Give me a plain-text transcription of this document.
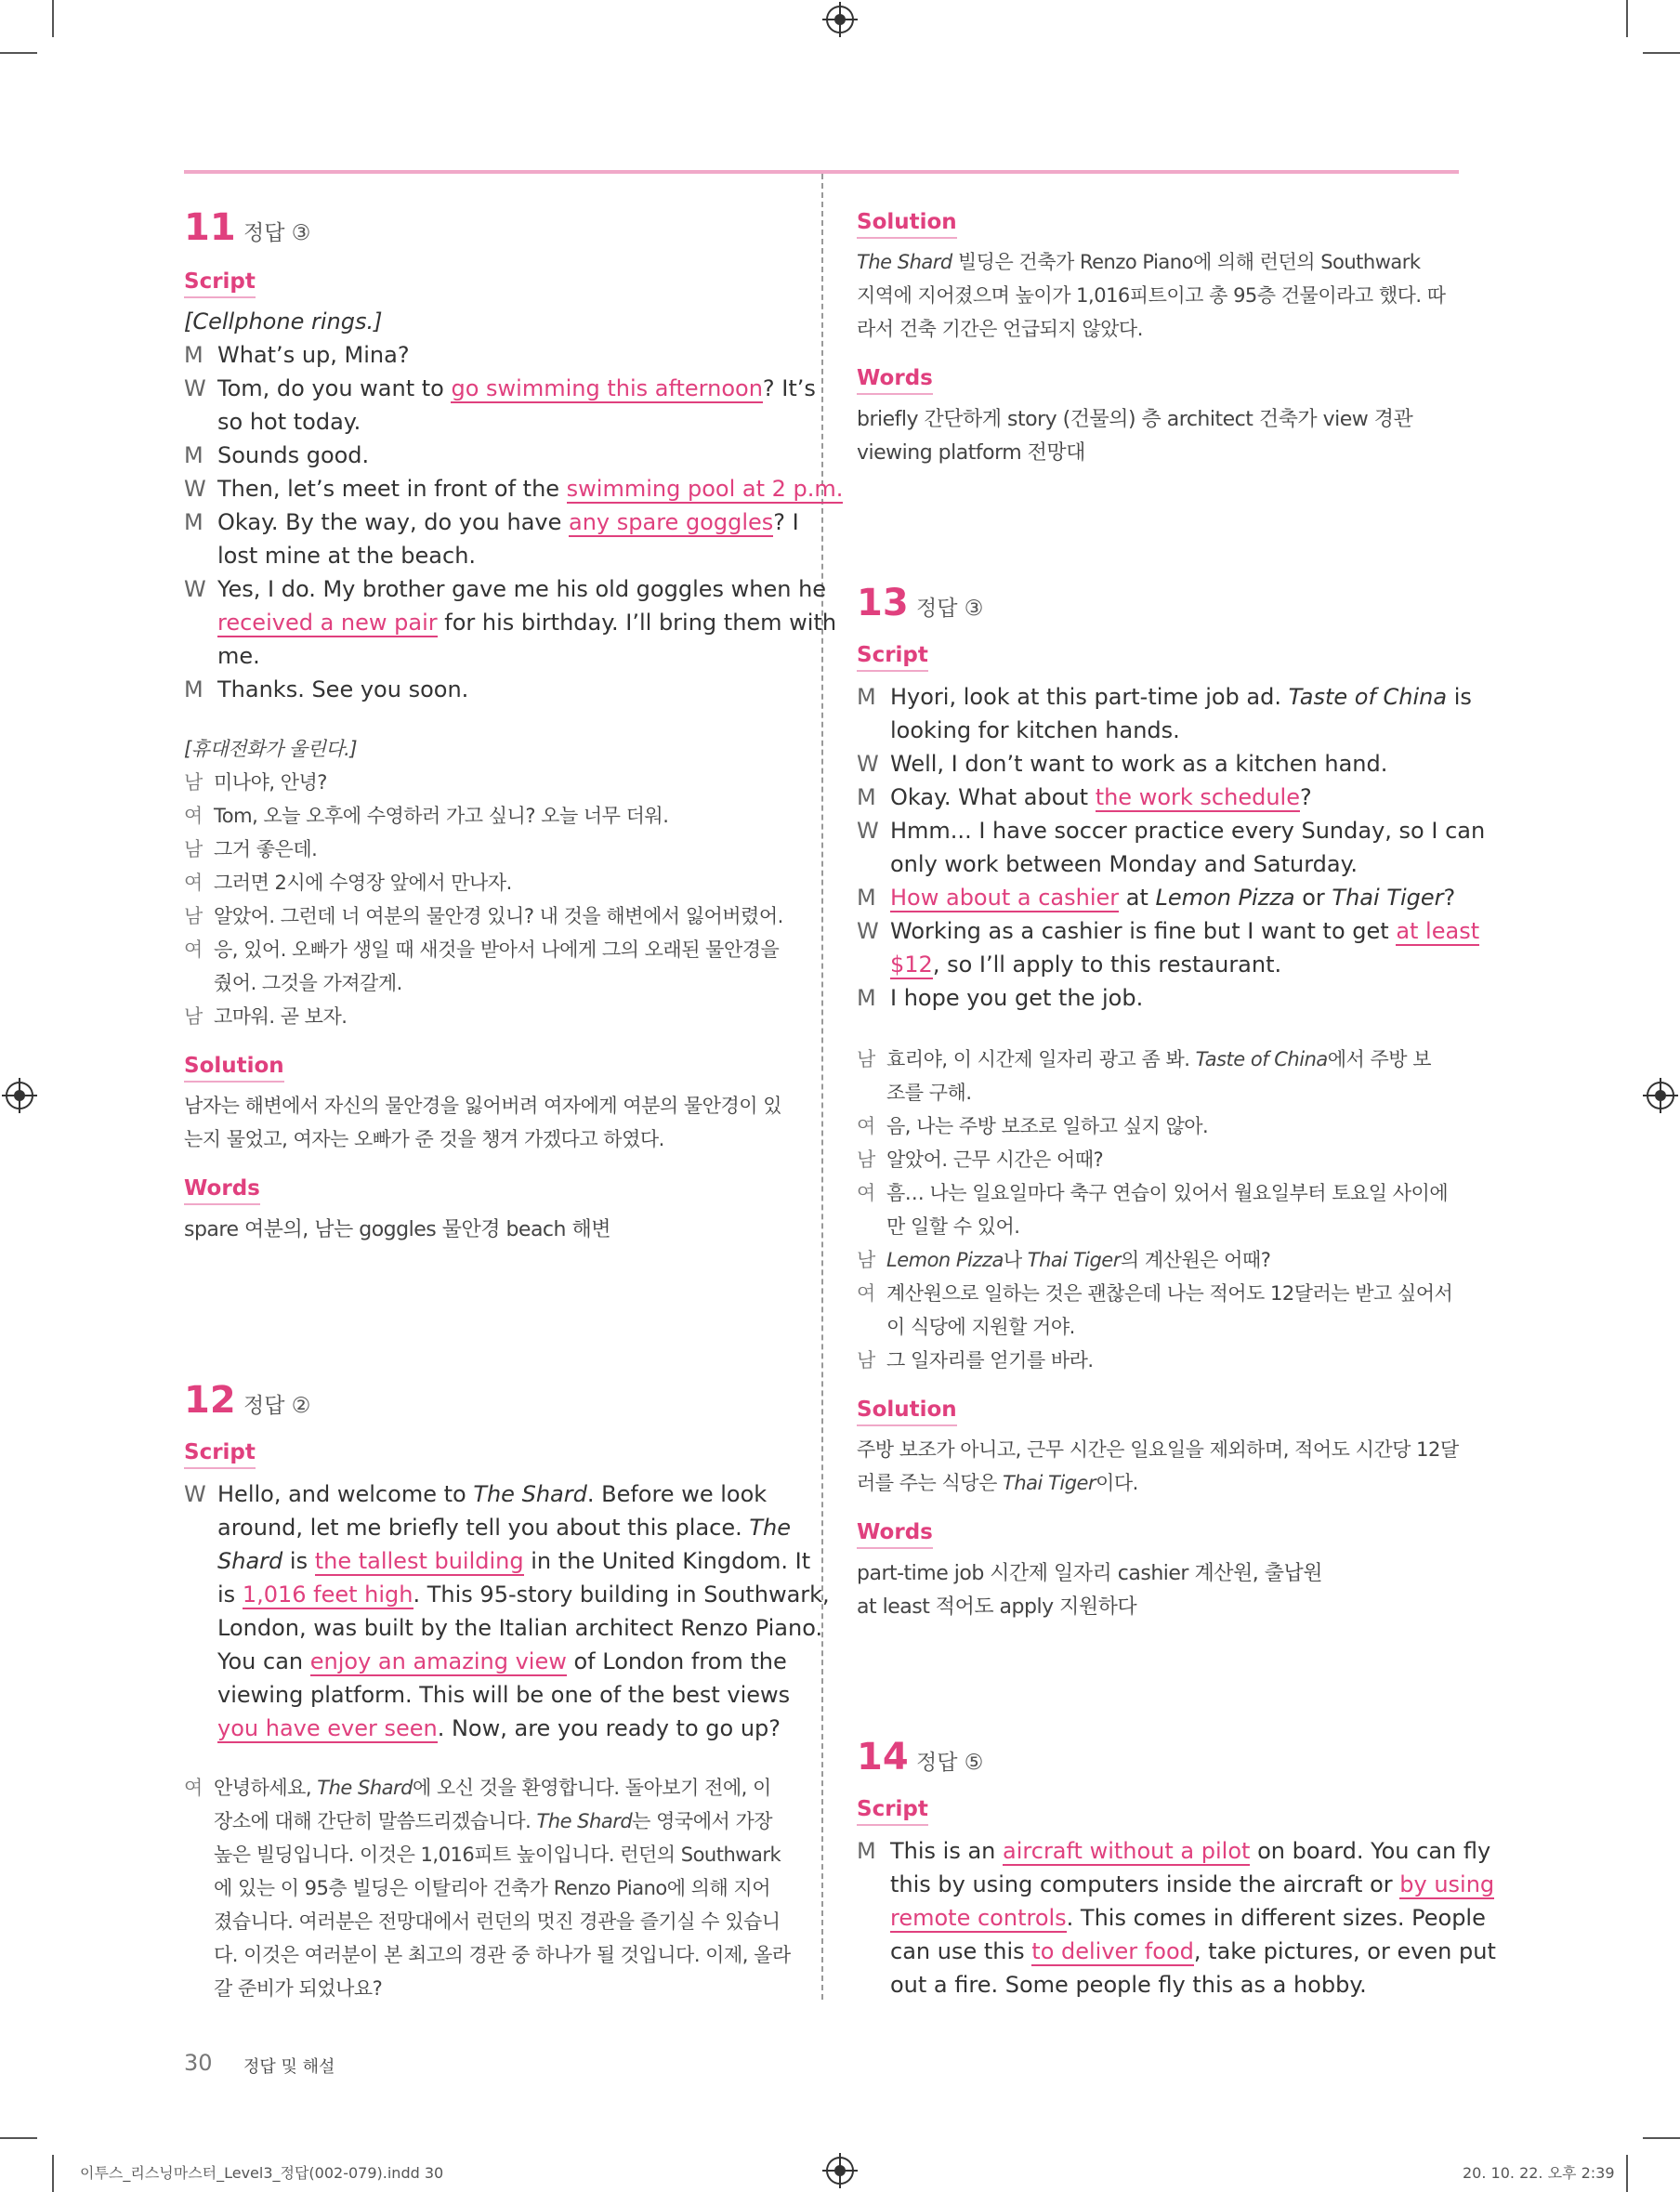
11 정답 ③
Script
[Cellphone rings.]
M What’s up, Mina?
W Tom, do you want to go swimming this afternoon? It’s
so hot today.
M Sounds good.
W Then, let’s meet in front of the swimming pool at 2 p.m.
M Okay. By the way, do you have any spare goggles? I
lost mine at the beach.
W Yes, I do. My brother gave me his old goggles when he
received a new pair for his birthday. I’ll bring them with
me.
M Thanks. See you soon.
[휴대전화가 울린다.]
남 미나야, 안녕?
여 Tom, 오늘 오후에 수영하러 가고 싶니? 오늘 너무 더워.
남 그거 좋은데.
여 그러면 2시에 수영장 앞에서 만나자.
남 알았어. 그런데 너 여분의 물안경 있니? 내 것을 해변에서 잃어버렸어.
여 응, 있어. 오빠가 생일 때 새것을 받아서 나에게 그의 오래된 물안경을
줬어. 그것을 가져갈게.
남 고마워. 곧 보자.
Solution
남자는 해변에서 자신의 물안경을 잃어버려 여자에게 여분의 물안경이 있
는지 물었고, 여자는 오빠가 준 것을 챙겨 가겠다고 하였다.
Words
spare 여분의, 남는 goggles 물안경 beach 해변
12 정답 ②
Script
W Hello, and welcome to The Shard. Before we look
around, let me briefly tell you about this place. The
Shard is the tallest building in the United Kingdom. It
is 1,016 feet high. This 95-story building in Southwark,
London, was built by the Italian architect Renzo Piano.
You can enjoy an amazing view of London from the
viewing platform. This will be one of the best views
you have ever seen. Now, are you ready to go up?
여 안녕하세요, The Shard에 오신 것을 환영합니다. 돌아보기 전에, 이
장소에 대해 간단히 말씀드리겠습니다. The Shard는 영국에서 가장
높은 빌딩입니다. 이것은 1,016피트 높이입니다. 런던의 Southwark
에 있는 이 95층 빌딩은 이탈리아 건축가 Renzo Piano에 의해 지어
졌습니다. 여러분은 전망대에서 런던의 멋진 경관을 즐기실 수 있습니
다. 이것은 여러분이 본 최고의 경관 중 하나가 될 것입니다. 이제, 올라
갈 준비가 되었나요?
30 정답 및 해설
이투스_리스닝마스터_Level3_정답(002-079).indd 30	20. 10. 22. 오후 2:39
Solution
The Shard 빌딩은 건축가 Renzo Piano에 의해 런던의 Southwark
지역에 지어졌으며 높이가 1,016피트이고 총 95층 건물이라고 했다. 따
라서 건축 기간은 언급되지 않았다.
Words
briefly 간단하게 story (건물의) 층 architect 건축가 view 경관
viewing platform 전망대
13 정답 ③
Script
M Hyori, look at this part-time job ad. Taste of China is
looking for kitchen hands.
W Well, I don’t want to work as a kitchen hand.
M Okay. What about the work schedule?
W Hmm... I have soccer practice every Sunday, so I can
only work between Monday and Saturday.
M How about a cashier at Lemon Pizza or Thai Tiger?
W Working as a cashier is fine but I want to get at least
$12, so I’ll apply to this restaurant.
M I hope you get the job.
남 효리야, 이 시간제 일자리 광고 좀 봐. Taste of China에서 주방 보
조를 구해.
여 음, 나는 주방 보조로 일하고 싶지 않아.
남 알았어. 근무 시간은 어때?
여 흠… 나는 일요일마다 축구 연습이 있어서 월요일부터 토요일 사이에
만 일할 수 있어.
남 Lemon Pizza나 Thai Tiger의 계산원은 어때?
여 계산원으로 일하는 것은 괜찮은데 나는 적어도 12달러는 받고 싶어서
이 식당에 지원할 거야.
남 그 일자리를 얻기를 바라.
Solution
주방 보조가 아니고, 근무 시간은 일요일을 제외하며, 적어도 시간당 12달
러를 주는 식당은 Thai Tiger이다.
Words
part-time job 시간제 일자리 cashier 계산원, 출납원
at least 적어도 apply 지원하다
14 정답 ⑤
Script
M This is an aircraft without a pilot on board. You can fly
this by using computers inside the aircraft or by using
remote controls. This comes in different sizes. People
can use this to deliver food, take pictures, or even put
out a fire. Some people fly this as a hobby.
